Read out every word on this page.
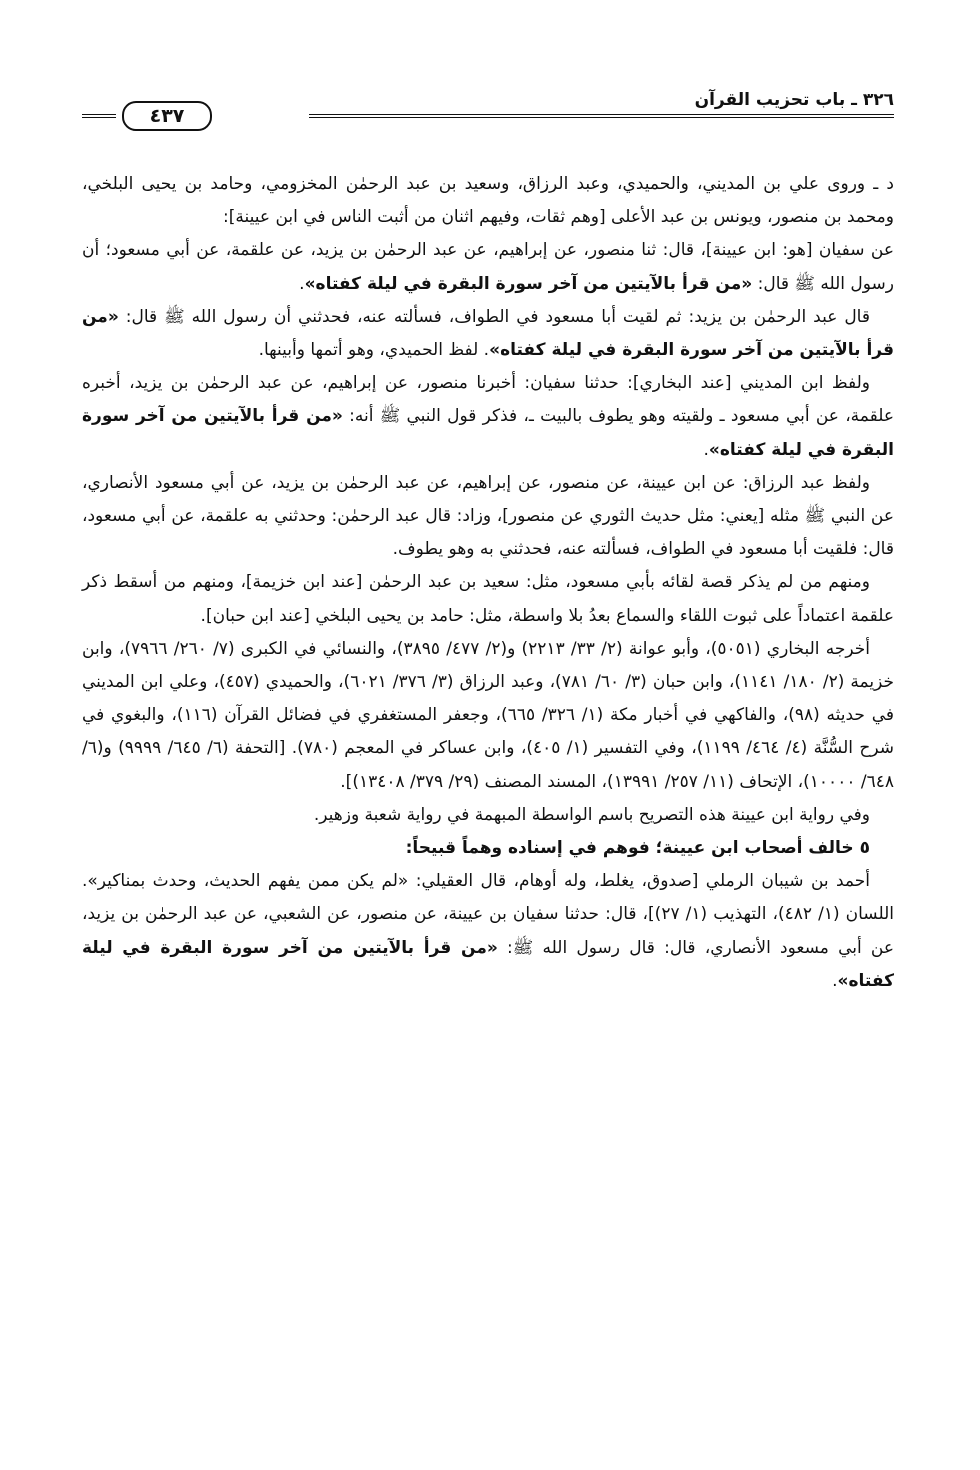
٣٢٦ ـ باب تحزيب القرآن
٤٣٧

د ـ وروى علي بن المديني، والحميدي، وعبد الرزاق، وسعيد بن عبد الرحمٰن المخزومي، وحامد بن يحيى البلخي، ومحمد بن منصور، ويونس بن عبد الأعلى [وهم ثقات، وفيهم اثنان من أثبت الناس في ابن عيينة]:

عن سفيان [هو: ابن عيينة]، قال: ثنا منصور، عن إبراهيم، عن عبد الرحمٰن بن يزيد، عن علقمة، عن أبي مسعود؛ أن رسول الله ﷺ قال: «من قرأ بالآيتين من آخر سورة البقرة في ليلة كفتاه».

قال عبد الرحمٰن بن يزيد: ثم لقيت أبا مسعود في الطواف، فسألته عنه، فحدثني أن رسول الله ﷺ قال: «من قرأ بالآيتين من آخر سورة البقرة في ليلة كفتاه». لفظ الحميدي، وهو أتمها وأبينها.

ولفظ ابن المديني [عند البخاري]: حدثنا سفيان: أخبرنا منصور، عن إبراهيم، عن عبد الرحمٰن بن يزيد، أخبره علقمة، عن أبي مسعود ـ ولقيته وهو يطوف بالبيت ـ، فذكر قول النبي ﷺ أنه: «من قرأ بالآيتين من آخر سورة البقرة في ليلة كفتاه».

ولفظ عبد الرزاق: عن ابن عيينة، عن منصور، عن إبراهيم، عن عبد الرحمٰن بن يزيد، عن أبي مسعود الأنصاري، عن النبي ﷺ مثله [يعني: مثل حديث الثوري عن منصور]، وزاد: قال عبد الرحمٰن: وحدثني به علقمة، عن أبي مسعود، قال: فلقيت أبا مسعود في الطواف، فسألته عنه، فحدثني به وهو يطوف.

ومنهم من لم يذكر قصة لقائه بأبي مسعود، مثل: سعيد بن عبد الرحمٰن [عند ابن خزيمة]، ومنهم من أسقط ذكر علقمة اعتماداً على ثبوت اللقاء والسماع بعدُ بلا واسطة، مثل: حامد بن يحيى البلخي [عند ابن حبان].

أخرجه البخاري (٥٠٥١)، وأبو عوانة (٢/ ٣٣/ ٢٢١٣) و(٢/ ٤٧٧/ ٣٨٩٥)، والنسائي في الكبرى (٧/ ٢٦٠/ ٧٩٦٦)، وابن خزيمة (٢/ ١٨٠/ ١١٤١)، وابن حبان (٣/ ٦٠/ ٧٨١)، وعبد الرزاق (٣/ ٣٧٦/ ٦٠٢١)، والحميدي (٤٥٧)، وعلي ابن المديني في حديثه (٩٨)، والفاكهي في أخبار مكة (١/ ٣٢٦/ ٦٦٥)، وجعفر المستغفري في فضائل القرآن (١١٦)، والبغوي في شرح السُّنَّة (٤/ ٤٦٤/ ١١٩٩)، وفي التفسير (١/ ٤٠٥)، وابن عساكر في المعجم (٧٨٠). [التحفة (٦/ ٦٤٥/ ٩٩٩٩) و(٦/ ٦٤٨/ ١٠٠٠٠)، الإتحاف (١١/ ٢٥٧/ ١٣٩٩١)، المسند المصنف (٢٩/ ٣٧٩/ ١٣٤٠٨)].

وفي رواية ابن عيينة هذه التصريح باسم الواسطة المبهمة في رواية شعبة وزهير.

٥ خالف أصحاب ابن عيينة؛ فوهم في إسناده وهماً قبيحاً:

أحمد بن شيبان الرملي [صدوق، يغلط، وله أوهام، قال العقيلي: «لم يكن ممن يفهم الحديث، وحدث بمناكير». اللسان (١/ ٤٨٢)، التهذيب (١/ ٢٧)]، قال: حدثنا سفيان بن عيينة، عن منصور، عن الشعبي، عن عبد الرحمٰن بن يزيد، عن أبي مسعود الأنصاري، قال: قال رسول الله ﷺ: «من قرأ بالآيتين من آخر سورة البقرة في ليلة كفتاه».
